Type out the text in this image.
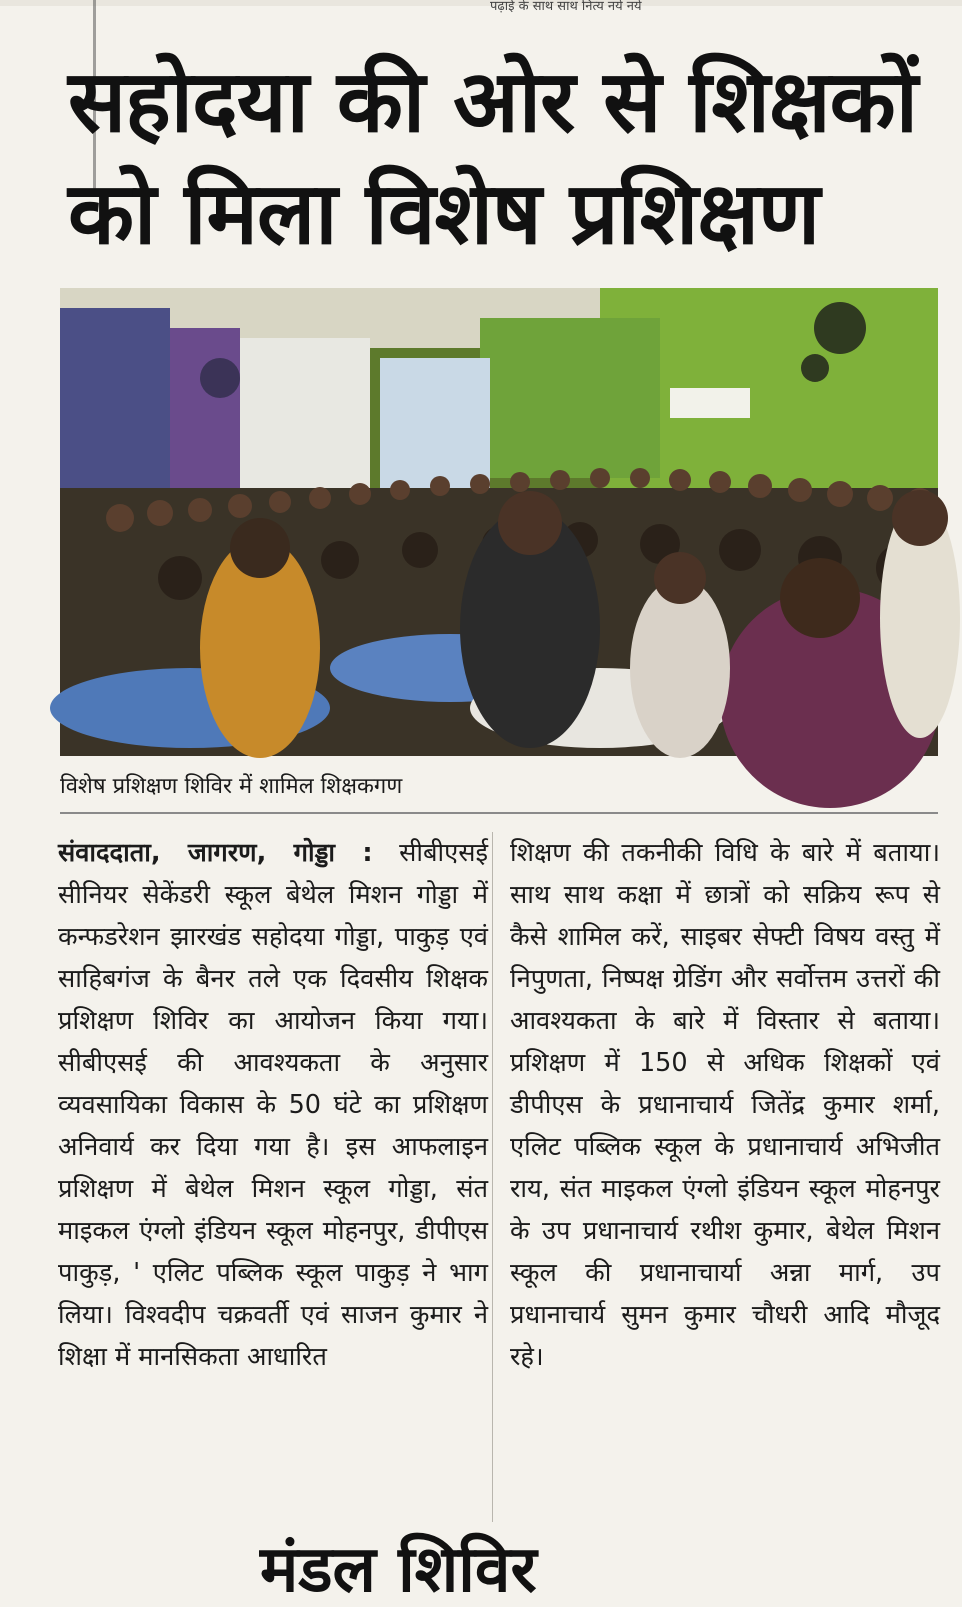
पढ़ाई के साथ साथ नित्य नये नये
सहोदया की ओर से शिक्षकों
को मिला विशेष प्रशिक्षण
विशेष प्रशिक्षण शिविर में शामिल शिक्षकगण

संवाददाता, जागरण, गोड्डा : सीबीएसई सीनियर सेकेंडरी स्कूल बेथेल मिशन गोड्डा में कन्फडरेशन झारखंड सहोदया गोड्डा, पाकुड़ एवं साहिबगंज के बैनर तले एक दिवसीय शिक्षक प्रशिक्षण शिविर का आयोजन किया गया। सीबीएसई की आवश्यकता के अनुसार व्यवसायिका विकास के 50 घंटे का प्रशिक्षण अनिवार्य कर दिया गया है। इस आफलाइन प्रशिक्षण में बेथेल मिशन स्कूल गोड्डा, संत माइकल एंग्लो इंडियन स्कूल मोहनपुर, डीपीएस पाकुड़, ' एलिट पब्लिक स्कूल पाकुड़ ने भाग लिया। विश्वदीप चक्रवर्ती एवं साजन कुमार ने शिक्षा में मानसिकता आधारित

शिक्षण की तकनीकी विधि के बारे में बताया। साथ साथ कक्षा में छात्रों को सक्रिय रूप से कैसे शामिल करें, साइबर सेफ्टी विषय वस्तु में निपुणता, निष्पक्ष ग्रेडिंग और सर्वोत्तम उत्तरों की आवश्यकता के बारे में विस्तार से बताया। प्रशिक्षण में 150 से अधिक शिक्षकों एवं डीपीएस के प्रधानाचार्य जितेंद्र कुमार शर्मा, एलिट पब्लिक स्कूल के प्रधानाचार्य अभिजीत राय, संत माइकल एंग्लो इंडियन स्कूल मोहनपुर के उप प्रधानाचार्य रथीश कुमार, बेथेल मिशन स्कूल की प्रधानाचार्या अन्ना मार्ग, उप प्रधानाचार्य सुमन कुमार चौधरी आदि मौजूद रहे।

मंडल शिविर
